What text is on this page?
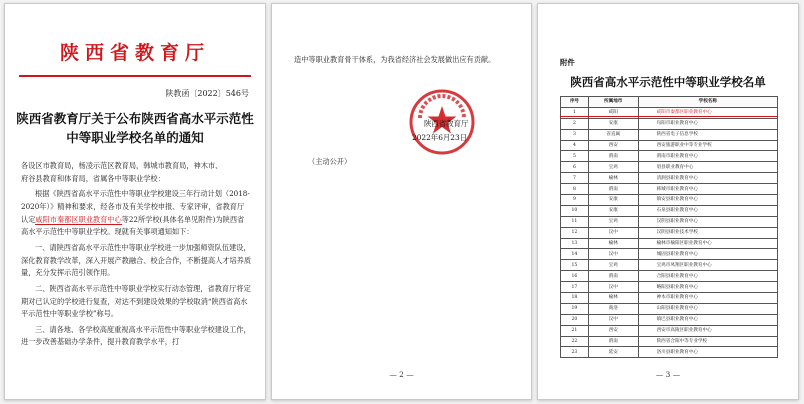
陕西省教育厅
陕教函〔2022〕546号
陕西省教育厅关于公布陕西省高水平示范性
中等职业学校名单的通知

各设区市教育局，杨凌示范区教育局，韩城市教育局，神木市、

府谷县教育和体育局，省属各中等职业学校：

根据《陕西省高水平示范性中等职业学校建设三年行动计划（2018-2020年）》精神和要求，经各市及有关学校申报、专家评审，省教育厅认定咸阳市秦都区职业教育中心等22所学校(具体名单见附件)为陕西省高水平示范性中等职业学校。现就有关事项通知如下：

一、请陕西省高水平示范性中等职业学校进一步加强师资队伍建设，深化教育教学改革，深入开展产教融合、校企合作，不断提高人才培养质量，充分发挥示范引领作用。

二、陕西省高水平示范性中等职业学校实行动态管理，省教育厅将定期对已认定的学校进行复查，对达不到建设效果的学校取消“陕西省高水平示范性中等职业学校”称号。

三、请各地、各学校高度重视高水平示范性中等职业学校建设工作，进一步改善基础办学条件，提升教育教学水平，打

造中等职业教育骨干体系，为我省经济社会发展做出应有贡献。
陕西省教育厅
2022年6月23日
（主动公开）
— 2 —
附件
陕西省高水平示范性中等职业学校名单
序号	所属地市	学校名称
1	咸阳	咸阳市秦都区职业教育中心
2	安康	旬阳市职业教育中心
3	省直属	陕西省电子信息学校
4	西安	西安旅游职业中等专业学校
5	渭南	渭南市职业教育中心
6	宝鸡	眉县职业教育中心
7	榆林	清涧县职业教育中心
8	渭南	韩城市职业教育中心
9	安康	镇安县职业教育中心
10	安康	石泉县职业教育中心
11	宝鸡	汉阴县职业教育中心
12	汉中	汉阴县职业技术学校
13	榆林	榆林市榆阳区职业教育中心
14	汉中	城固县职业教育中心
15	宝鸡	宝鸡市凤翔区职业教育中心
16	渭南	合阳县职业教育中心
17	汉中	略阳县职业教育中心
18	榆林	神木市职业教育中心
19	商洛	山阳县职业教育中心
20	汉中	镇巴县职业教育中心
21	西安	西安市高陵区职业教育中心
22	渭南	陕西省合阳中等专业学校
23	延安	洛川县职业教育中心
— 3 —
